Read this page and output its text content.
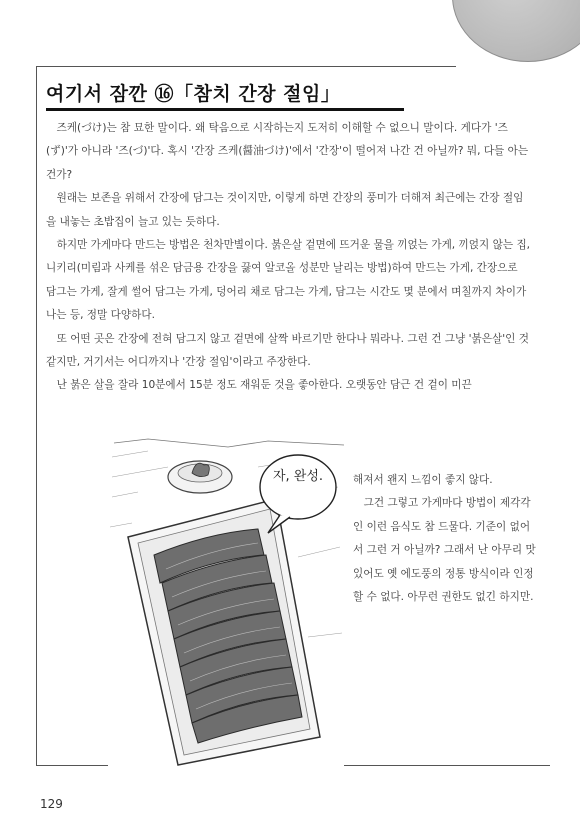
여기서 잠깐 ⑯「참치 간장 절임」

즈케(づけ)는 참 묘한 말이다. 왜 탁음으로 시작하는지 도저히 이해할 수 없으니 말이다. 게다가 '즈(ず)'가 아니라 '즈(づ)'다. 혹시 '간장 즈케(醤油づけ)'에서 '간장'이 떨어져 나간 건 아닐까? 뭐, 다들 아는 건가?

원래는 보존을 위해서 간장에 담그는 것이지만, 이렇게 하면 간장의 풍미가 더해져 최근에는 간장 절임을 내놓는 초밥집이 늘고 있는 듯하다.

하지만 가게마다 만드는 방법은 천차만별이다. 붉은살 겉면에 뜨거운 물을 끼얹는 가게, 끼얹지 않는 집, 니키리(미림과 사케를 섞은 담금용 간장을 끓여 알코올 성분만 날리는 방법)하여 만드는 가게, 간장으로 담그는 가게, 잘게 썰어 담그는 가게, 덩어리 채로 담그는 가게, 담그는 시간도 몇 분에서 며칠까지 차이가 나는 등, 정말 다양하다.

또 어떤 곳은 간장에 전혀 담그지 않고 겉면에 살짝 바르기만 한다나 뭐라나. 그런 건 그냥 '붉은살'인 것 같지만, 거기서는 어디까지나 '간장 절임'이라고 주장한다.

난 붉은 살을 잘라 10분에서 15분 정도 재워둔 것을 좋아한다. 오랫동안 담근 건 겉이 미끈

자, 완성.	해져서 왠지 느낌이 좋지 않다.

그건 그렇고 가게마다 방법이 제각각인 이런 음식도 참 드물다. 기준이 없어서 그런 거 아닐까? 그래서 난 아무리 맛있어도 옛 에도풍의 정통 방식이라 인정할 수 없다. 아무런 권한도 없긴 하지만.

129
